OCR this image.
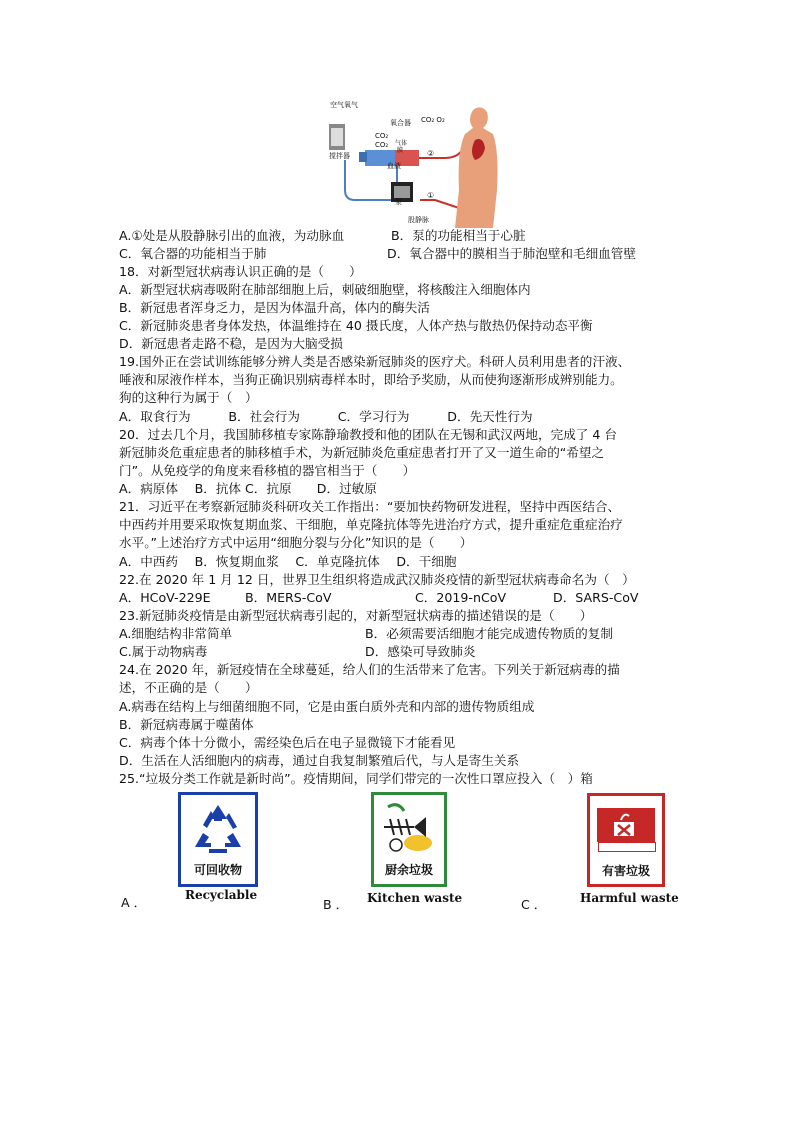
空气 氧气
氧合器
CO₂
CO₂
CO₂ O₂
气体
膜
血液
搅拌器
泵
股静脉
①
②
A.①处是从股静脉引出的血液，为动脉血	B．泵的功能相当于心脏
C．氧合器的功能相当于肺	D．氧合器中的膜相当于肺泡壁和毛细血管壁
18．对新型冠状病毒认识正确的是（　　）
A．新型冠状病毒吸附在肺部细胞上后，刺破细胞壁，将核酸注入细胞体内
B．新冠患者浑身乏力，是因为体温升高，体内的酶失活
C．新冠肺炎患者身体发热，体温维持在 40 摄氏度，人体产热与散热仍保持动态平衡
D．新冠患者走路不稳，是因为大脑受损
19.国外正在尝试训练能够分辨人类是否感染新冠肺炎的医疗犬。科研人员利用患者的汗液、
唾液和尿液作样本，当狗正确识别病毒样本时，即给予奖励，从而使狗逐渐形成辨别能力。
狗的这种行为属于（　）
A．取食行为　　　B．社会行为　　　C．学习行为　　　D．先天性行为
20．过去几个月，我国肺移植专家陈静瑜教授和他的团队在无锡和武汉两地，完成了 4 台
新冠肺炎危重症患者的肺移植手术，为新冠肺炎危重症患者打开了又一道生命的“希望之
门”。从免疫学的角度来看移植的器官相当于（　　）
A．病原体　 B．抗体 C．抗原　　D．过敏原
21．习近平在考察新冠肺炎科研攻关工作指出：“要加快药物研发进程，坚持中西医结合、
中西药并用要采取恢复期血浆、干细胞，单克隆抗体等先进治疗方式，提升重症危重症治疗
水平。”上述治疗方式中运用“细胞分裂与分化”知识的是（　　）
A．中西药　 B．恢复期血浆　 C．单克隆抗体　 D．干细胞
22.在 2020 年 1 月 12 日，世界卫生组织将造成武汉肺炎疫情的新型冠状病毒命名为（　）
A．HCoV-229E	B．MERS-CoV	C．2019-nCoV	D．SARS-CoV
23.新冠肺炎疫情是由新型冠状病毒引起的，对新型冠状病毒的描述错误的是（　　）
A.细胞结构非常简单	B．必须需要活细胞才能完成遗传物质的复制
C.属于动物病毒	D．感染可导致肺炎
24.在 2020 年，新冠疫情在全球蔓延，给人们的生活带来了危害。下列关于新冠病毒的描
述，不正确的是（　　）
A.病毒在结构上与细菌细胞不同，它是由蛋白质外壳和内部的遗传物质组成
B．新冠病毒属于噬菌体
C．病毒个体十分微小，需经染色后在电子显微镜下才能看见
D．生活在人活细胞内的病毒，通过自我复制繁殖后代，与人是寄生关系
25.“垃圾分类工作就是新时尚”。疫情期间，同学们带完的一次性口罩应投入（　）箱
可回收物
Recyclable
A ．
厨余垃圾
Kitchen waste
B ．
有害垃圾
Harmful waste
C ．
